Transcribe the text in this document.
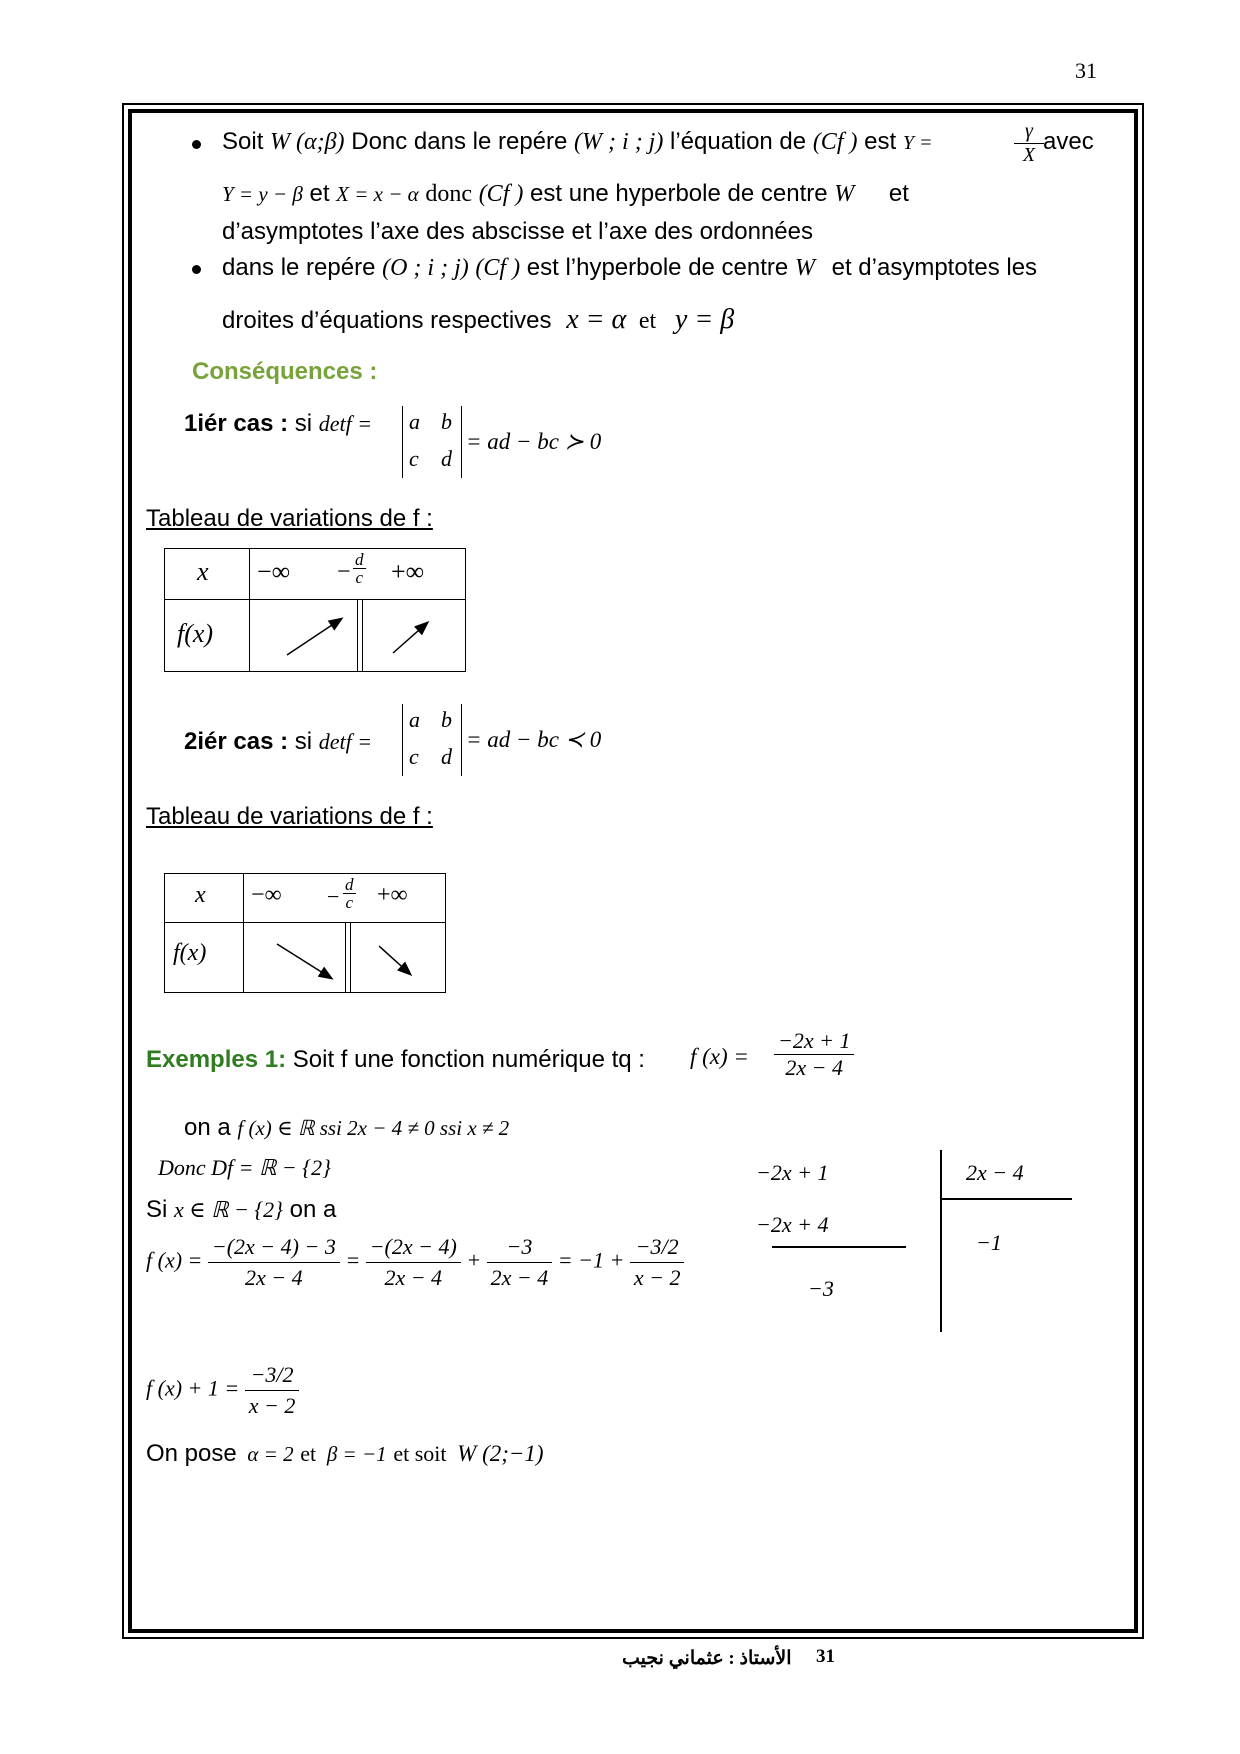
31
Soit W (α;β) Donc dans le repére (W ; i ; j) l’équation de (Cf ) est Y =	$\frac{\gamma}{X}$ avec
Y = y − β et X = x − α donc (Cf ) est une hyperbole de centre W et
d’asymptotes l’axe des abscisse et l’axe des ordonnées
dans le repére (O ; i ; j) (Cf ) est l’hyperbole de centre W et d’asymptotes les
droites d’équations respectives x = α et y = β
Conséquences :
1iér cas : si detf = a b
c d
= ad − bc ≻ 0
Tableau de variations de f :
x −∞ − $\frac{d}{c}$ +∞
f(x)
2iér cas : si detf =
a b
c d
= ad − bc ≺ 0
Tableau de variations de f :
x −∞ − $\frac{d}{c}$ +∞
f(x)
Exemples 1: Soit f une fonction numérique tq : f $(x) = \frac{-2x + 1}{2x - 4}$
on a f (x) ∈ ℝ ssi 2x − 4 ≠ 0 ssi x ≠ 2
Donc Df = ℝ − {2}
Si x ∈ ℝ − {2} on a
f $(x) = \frac{-(2x - 4) - 3}{2x - 4} = \frac{-(2x - 4)}{2x - 4} + \frac{-3}{2x - 4} = -1 + \frac{-3/2}{x - 2}$
f $(x) + 1 = \frac{-3/2}{x - 2}$
On pose α = 2 et β = −1 et soit W (2;−1)
−2x + 1
−2x + 4
−3
2x − 4
−1
الأستاذ : عثماني نجيب 31
